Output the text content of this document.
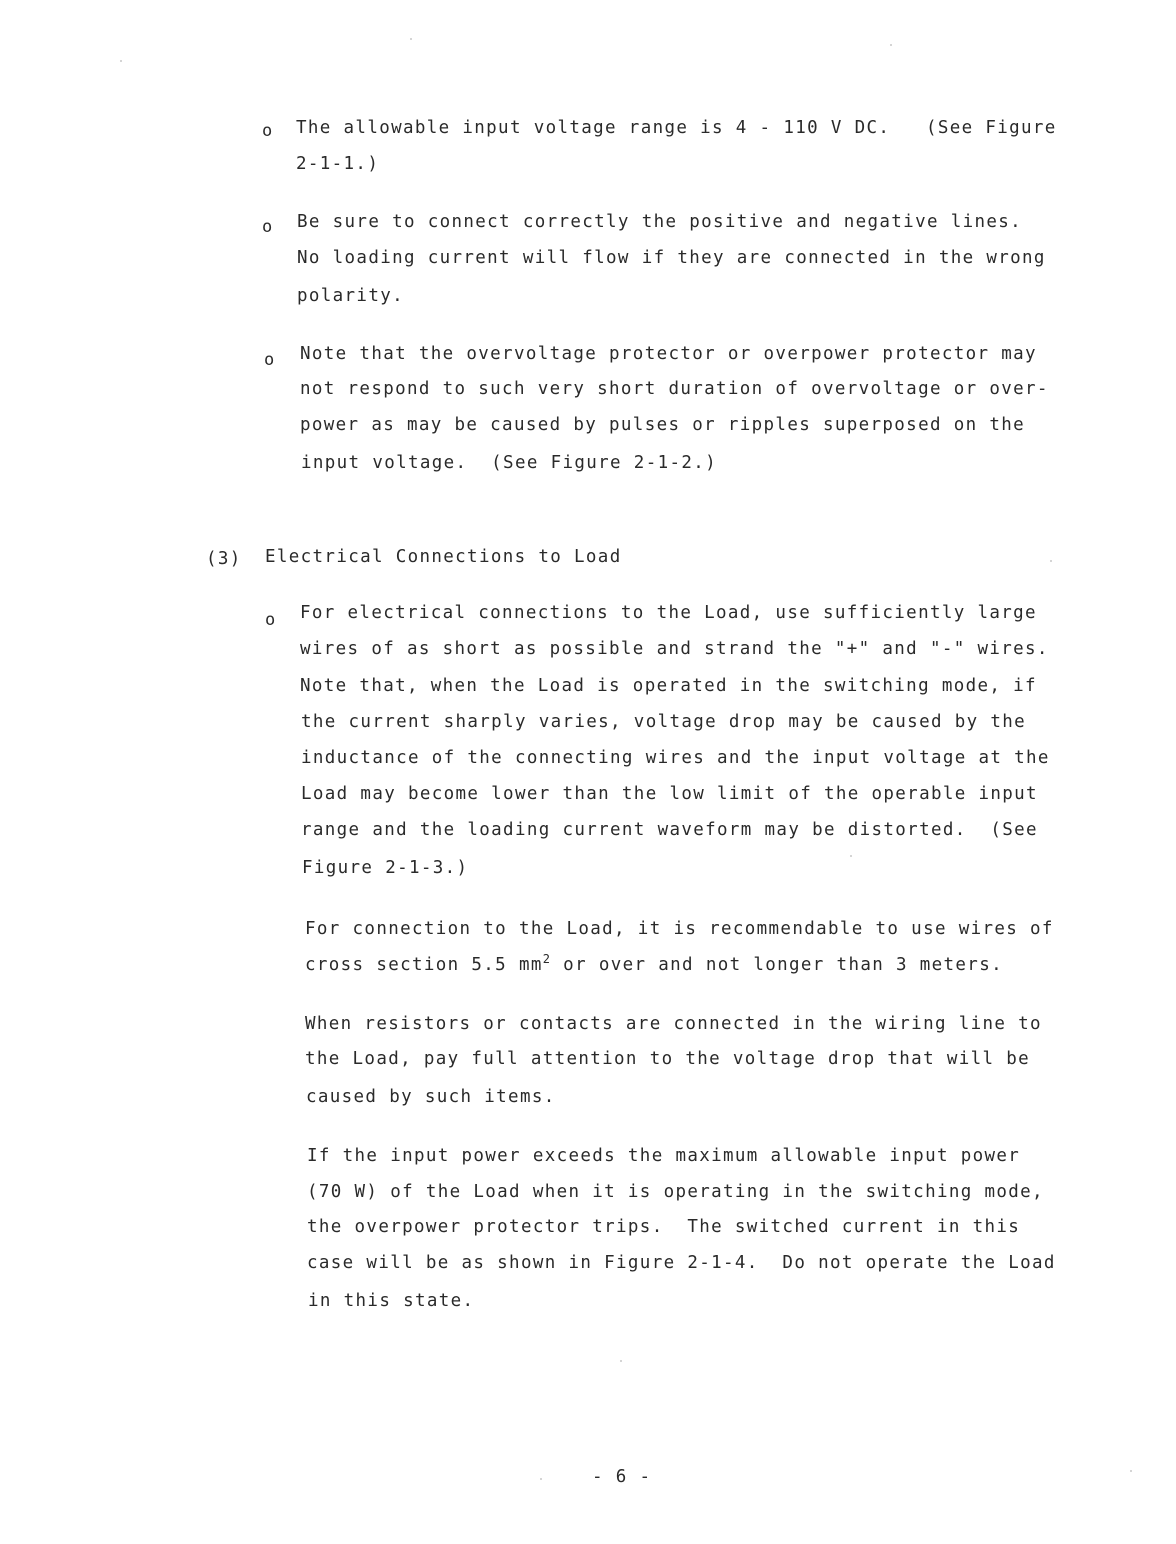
o The allowable input voltage range is 4 - 110 V DC.   (See Figure
2-1-1.)
o Be sure to connect correctly the positive and negative lines.
No loading current will flow if they are connected in the wrong
polarity.
o Note that the overvoltage protector or overpower protector may
not respond to such very short duration of overvoltage or over-
power as may be caused by pulses or ripples superposed on the
input voltage.  (See Figure 2-1-2.)
(3) Electrical Connections to Load
o For electrical connections to the Load, use sufficiently large
wires of as short as possible and strand the "+" and "-" wires.
Note that, when the Load is operated in the switching mode, if
the current sharply varies, voltage drop may be caused by the
inductance of the connecting wires and the input voltage at the
Load may become lower than the low limit of the operable input
range and the loading current waveform may be distorted.  (See
Figure 2-1-3.)
For connection to the Load, it is recommendable to use wires of
cross section 5.5 $mm^2$ or over and not longer than 3 meters.
When resistors or contacts are connected in the wiring line to
the Load, pay full attention to the voltage drop that will be
caused by such items.
If the input power exceeds the maximum allowable input power
(70 W) of the Load when it is operating in the switching mode,
the overpower protector trips.  The switched current in this
case will be as shown in Figure 2-1-4.  Do not operate the Load
in this state.
- 6 -
